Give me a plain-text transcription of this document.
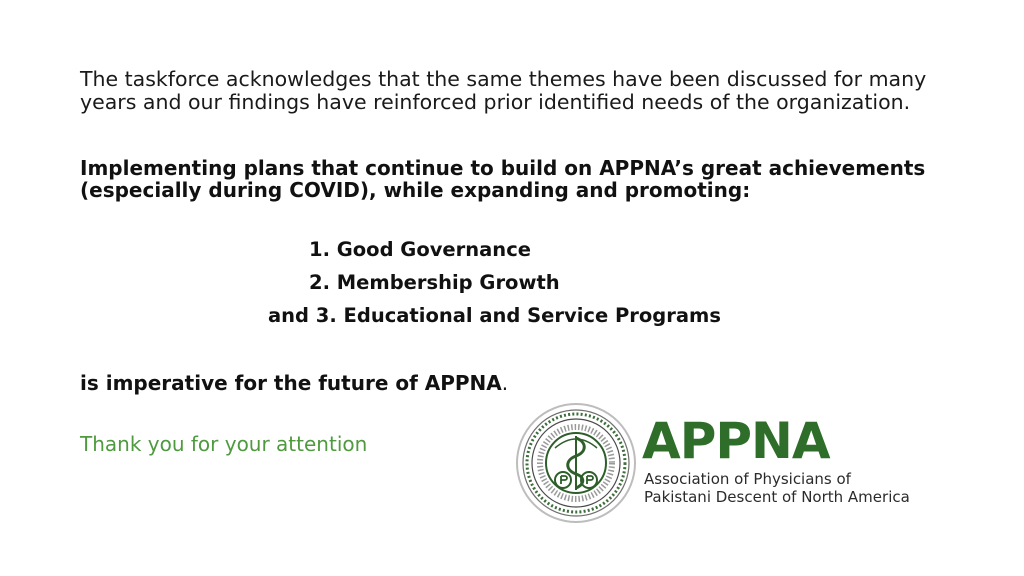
The taskforce acknowledges that the same themes have been discussed for many
years and our findings have reinforced prior identified needs of the organization.
Implementing plans that continue to build on APPNA’s great achievements
(especially during COVID), while expanding and promoting:
1. Good Governance
2. Membership Growth
and 3. Educational and Service Programs
is imperative for the future of APPNA.
Thank you for your attention	APPNA
Association of Physicians of
Pakistani Descent of North America
